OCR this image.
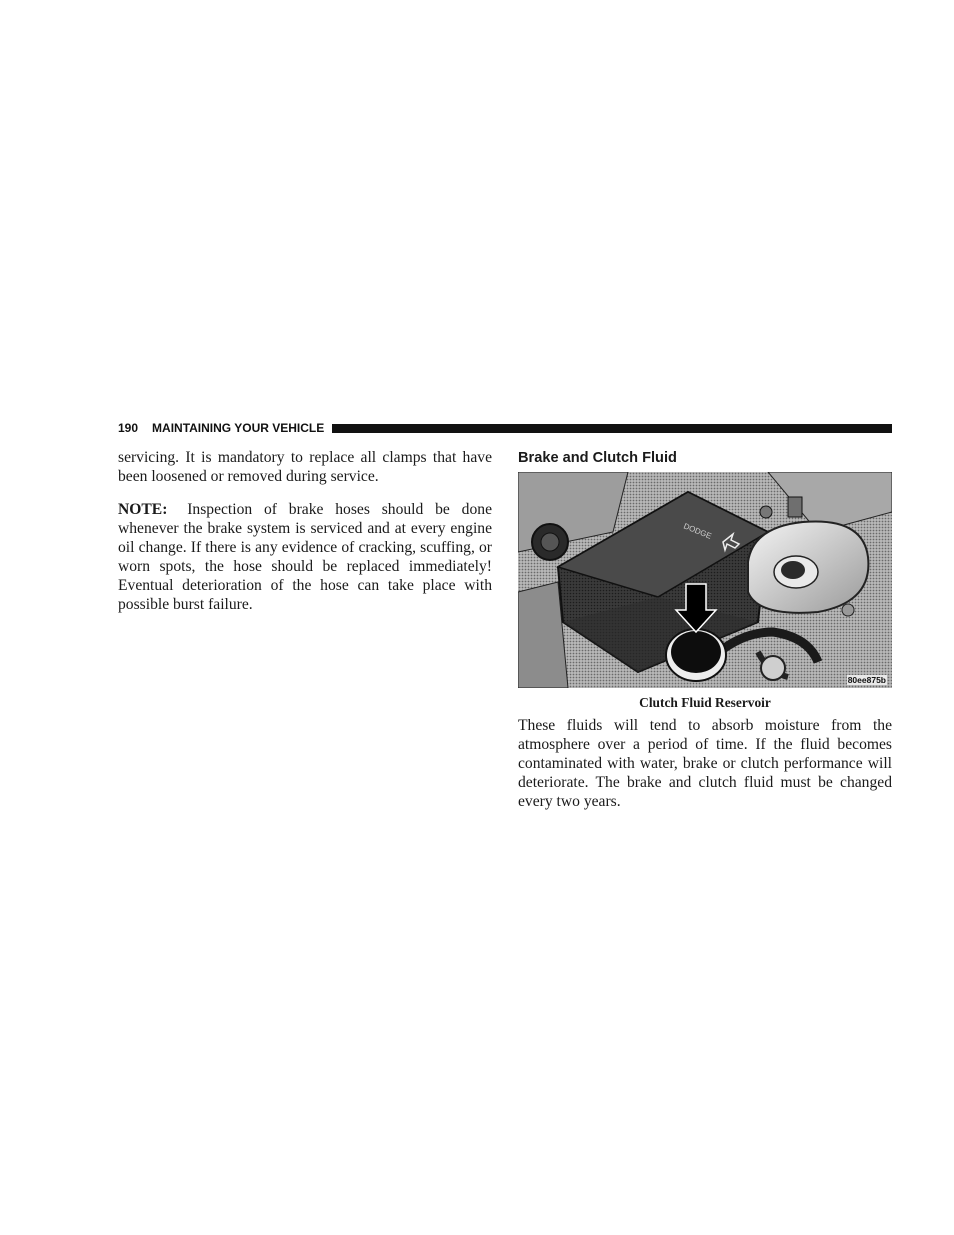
190 MAINTAINING YOUR VEHICLE

servicing. It is mandatory to replace all clamps that have been loosened or removed during service.

NOTE: Inspection of brake hoses should be done whenever the brake system is serviced and at every engine oil change. If there is any evidence of cracking, scuffing, or worn spots, the hose should be replaced immediately! Eventual deterioration of the hose can take place with possible burst failure.

Brake and Clutch Fluid
DODGE
80ee875b
Clutch Fluid Reservoir

These fluids will tend to absorb moisture from the atmosphere over a period of time. If the fluid becomes contaminated with water, brake or clutch performance will deteriorate. The brake and clutch fluid must be changed every two years.
